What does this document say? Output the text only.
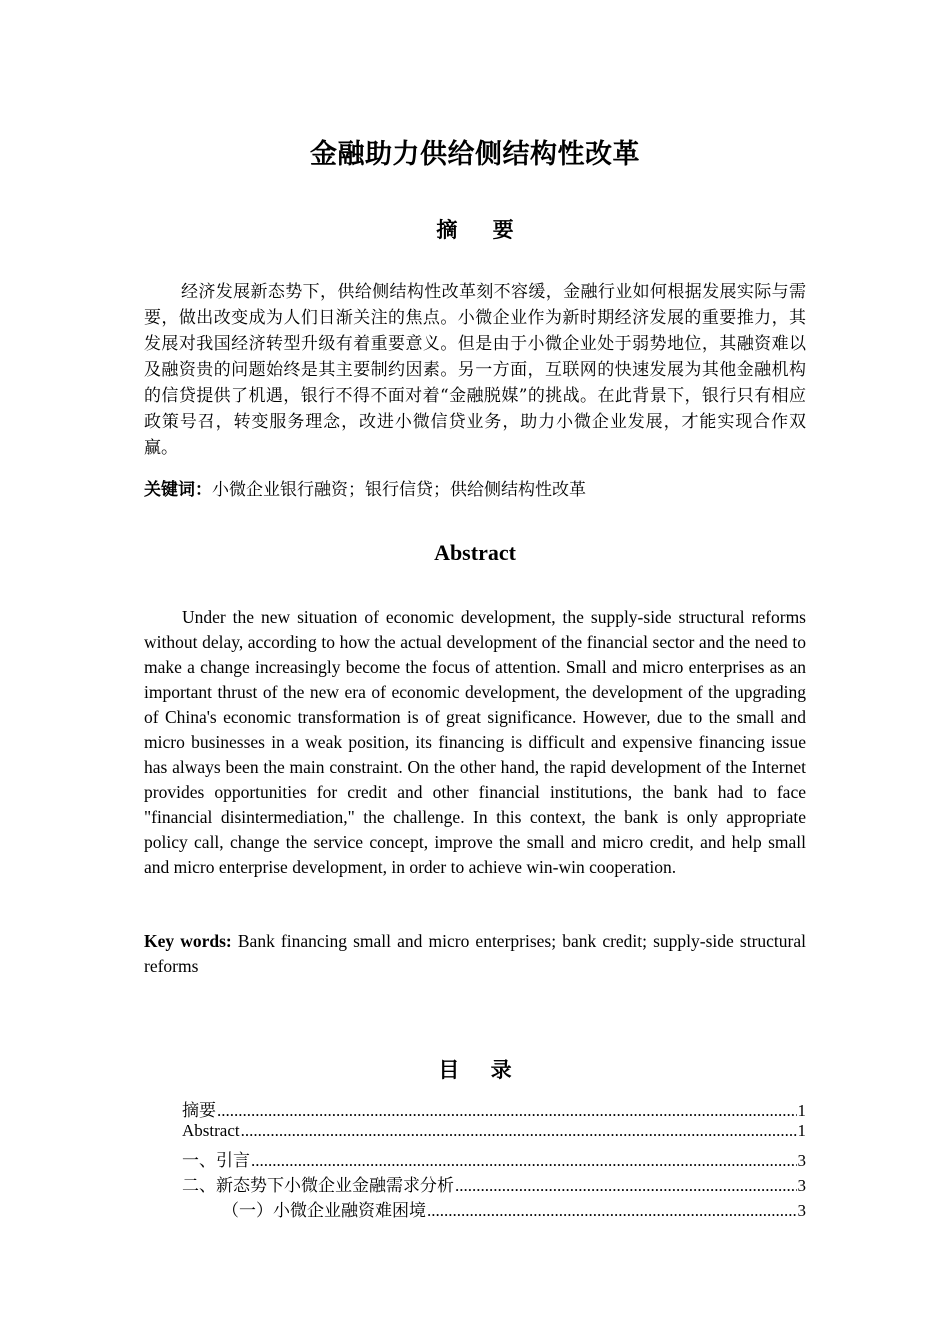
金融助力供给侧结构性改革
摘 要

经济发展新态势下，供给侧结构性改革刻不容缓，金融行业如何根据发展实际与需要，做出改变成为人们日渐关注的焦点。小微企业作为新时期经济发展的重要推力，其发展对我国经济转型升级有着重要意义。但是由于小微企业处于弱势地位，其融资难以及融资贵的问题始终是其主要制约因素。另一方面，互联网的快速发展为其他金融机构的信贷提供了机遇，银行不得不面对着“金融脱媒”的挑战。在此背景下，银行只有相应政策号召，转变服务理念，改进小微信贷业务，助力小微企业发展，才能实现合作双赢。

关键词：小微企业银行融资；银行信贷；供给侧结构性改革

Abstract

Under the new situation of economic development, the supply-side structural reforms without delay, according to how the actual development of the financial sector and the need to make a change increasingly become the focus of attention. Small and micro enterprises as an important thrust of the new era of economic development, the development of the upgrading of China's economic transformation is of great significance. However, due to the small and micro businesses in a weak position, its financing is difficult and expensive financing issue has always been the main constraint. On the other hand, the rapid development of the Internet provides opportunities for credit and other financial institutions, the bank had to face "financial disintermediation," the challenge. In this context, the bank is only appropriate policy call, change the service concept, improve the small and micro credit, and help small and micro enterprise development, in order to achieve win-win cooperation.

Key words: Bank financing small and micro enterprises; bank credit; supply-side structural reforms

目 录
摘要 .....	1
Abstract .....	1
一、引言 .....	3
二、新态势下小微企业金融需求分析 .....	3
（一）小微企业融资难困境 .....	3
